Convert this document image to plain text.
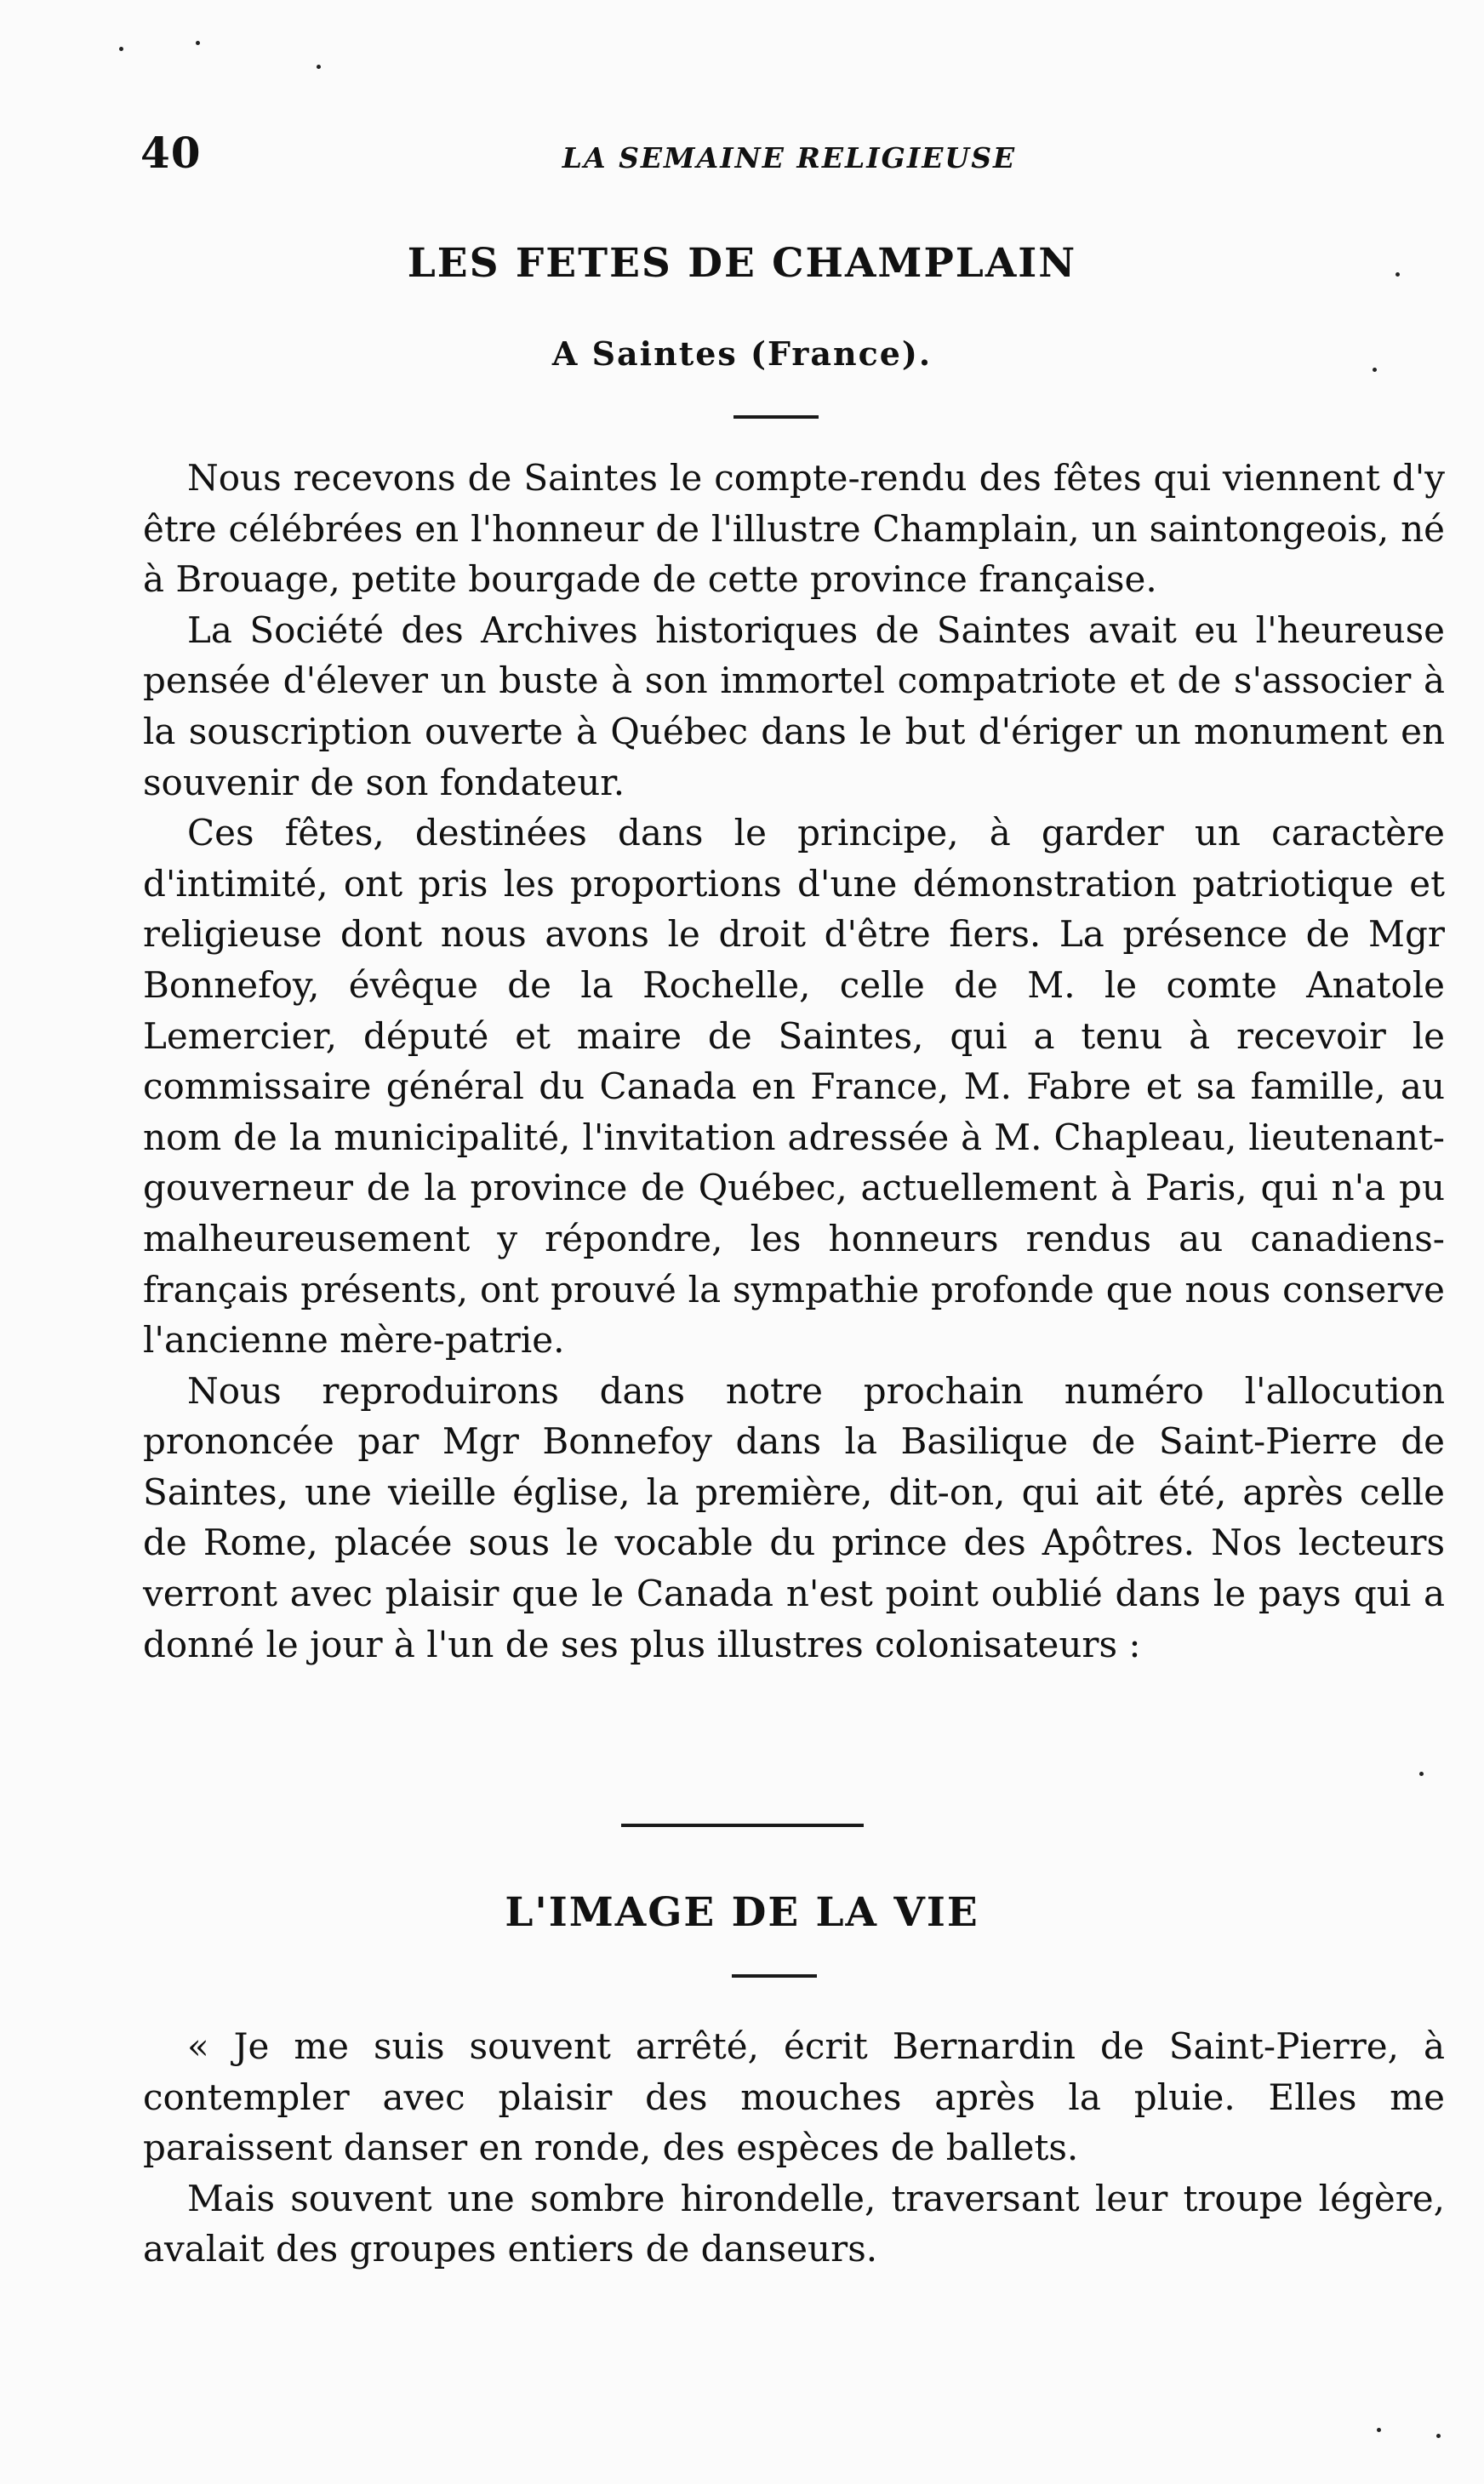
40	LA SEMAINE RELIGIEUSE
LES FETES DE CHAMPLAIN
A Saintes (France).

Nous recevons de Saintes le compte-rendu des fêtes qui viennent d'y être célébrées en l'honneur de l'illustre Champlain, un saintongeois, né à Brouage, petite bourgade de cette province française.

La Société des Archives historiques de Saintes avait eu l'heureuse pensée d'élever un buste à son immortel compatriote et de s'associer à la souscription ouverte à Québec dans le but d'ériger un monument en souvenir de son fondateur.

Ces fêtes, destinées dans le principe, à garder un caractère d'intimité, ont pris les proportions d'une démonstration patriotique et religieuse dont nous avons le droit d'être fiers. La présence de Mgr Bonnefoy, évêque de la Rochelle, celle de M. le comte Anatole Lemercier, député et maire de Saintes, qui a tenu à recevoir le commissaire général du Canada en France, M. Fabre et sa famille, au nom de la municipalité, l'invitation adressée à M. Chapleau, lieutenant-gouverneur de la province de Québec, actuellement à Paris, qui n'a pu malheureusement y répondre, les honneurs rendus au canadiens-français présents, ont prouvé la sympathie profonde que nous conserve l'ancienne mère-patrie.

Nous reproduirons dans notre prochain numéro l'allocution prononcée par Mgr Bonnefoy dans la Basilique de Saint-Pierre de Saintes, une vieille église, la première, dit-on, qui ait été, après celle de Rome, placée sous le vocable du prince des Apôtres. Nos lecteurs verront avec plaisir que le Canada n'est point oublié dans le pays qui a donné le jour à l'un de ses plus illustres colonisateurs :

L'IMAGE DE LA VIE

« Je me suis souvent arrêté, écrit Bernardin de Saint-Pierre, à contempler avec plaisir des mouches après la pluie. Elles me paraissent danser en ronde, des espèces de ballets.

Mais souvent une sombre hirondelle, traversant leur troupe légère, avalait des groupes entiers de danseurs.
